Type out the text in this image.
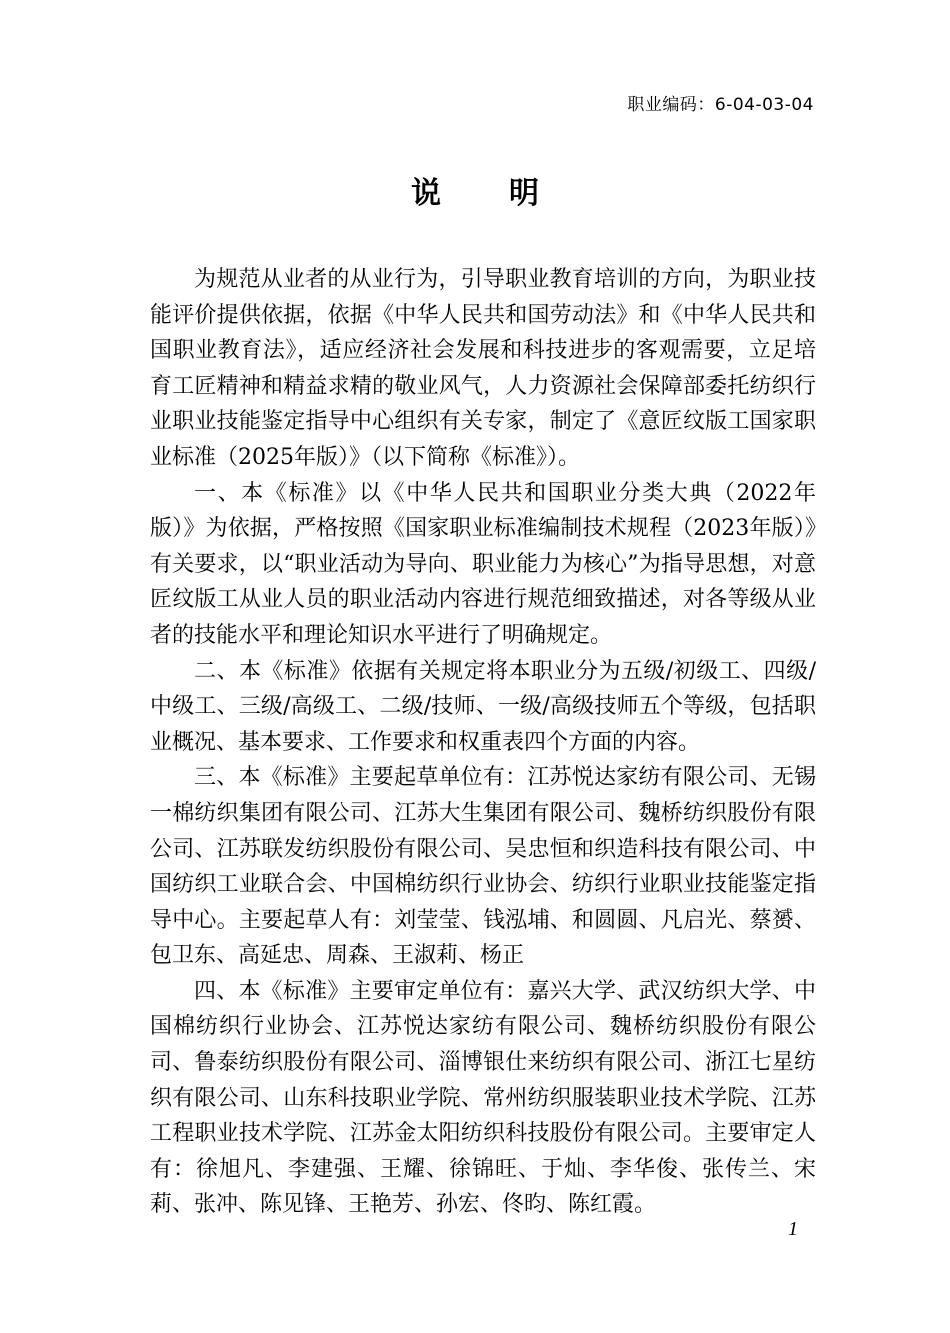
职业编码：6-04-03-04
说明

为规范从业者的从业行为，引导职业教育培训的方向，为职业技能评价提供依据，依据《中华人民共和国劳动法》和《中华人民共和国职业教育法》，适应经济社会发展和科技进步的客观需要，立足培育工匠精神和精益求精的敬业风气，人力资源社会保障部委托纺织行业职业技能鉴定指导中心组织有关专家，制定了《意匠纹版工国家职业标准（2025年版）》（以下简称《标准》）。

一、本《标准》以《中华人民共和国职业分类大典（2022年版）》为依据，严格按照《国家职业标准编制技术规程（2023年版）》有关要求，以“职业活动为导向、职业能力为核心”为指导思想，对意匠纹版工从业人员的职业活动内容进行规范细致描述，对各等级从业者的技能水平和理论知识水平进行了明确规定。

二、本《标准》依据有关规定将本职业分为五级/初级工、四级/中级工、三级/高级工、二级/技师、一级/高级技师五个等级，包括职业概况、基本要求、工作要求和权重表四个方面的内容。

三、本《标准》主要起草单位有：江苏悦达家纺有限公司、无锡一棉纺织集团有限公司、江苏大生集团有限公司、魏桥纺织股份有限公司、江苏联发纺织股份有限公司、吴忠恒和织造科技有限公司、中国纺织工业联合会、中国棉纺织行业协会、纺织行业职业技能鉴定指导中心。主要起草人有：刘莹莹、钱泓埔、和圆圆、凡启光、蔡赟、包卫东、高延忠、周森、王淑莉、杨正

四、本《标准》主要审定单位有：嘉兴大学、武汉纺织大学、中国棉纺织行业协会、江苏悦达家纺有限公司、魏桥纺织股份有限公司、鲁泰纺织股份有限公司、淄博银仕来纺织有限公司、浙江七星纺织有限公司、山东科技职业学院、常州纺织服装职业技术学院、江苏工程职业技术学院、江苏金太阳纺织科技股份有限公司。主要审定人有：徐旭凡、李建强、王耀、徐锦旺、于灿、李华俊、张传兰、宋莉、张冲、陈见锋、王艳芳、孙宏、佟昀、陈红霞。

1
